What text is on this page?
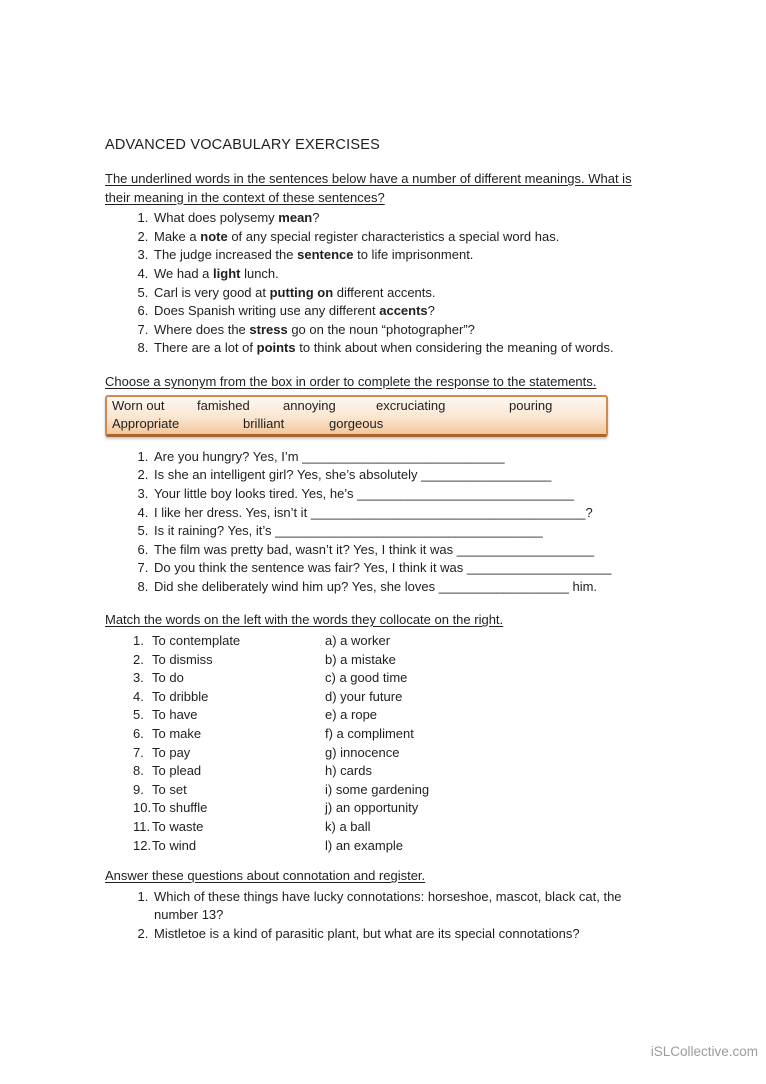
ADVANCED VOCABULARY EXERCISES

The underlined words in the sentences below have a number of different meanings. What is their meaning in the context of these sentences?

1. What does polysemy mean?
2. Make a note of any special register characteristics a special word has.
3. The judge increased the sentence to life imprisonment.
4. We had a light lunch.
5. Carl is very good at putting on different accents.
6. Does Spanish writing use any different accents?
7. Where does the stress go on the noun “photographer”?
8. There are a lot of points to think about when considering the meaning of words.

Choose a synonym from the box in order to complete the response to the statements.

Worn out	famished	annoying	excruciating	pouring
Appropriate	brilliant	gorgeous
1. Are you hungry? Yes, I’m ____________________________
2. Is she an intelligent girl? Yes, she’s absolutely __________________
3. Your little boy looks tired. Yes, he’s ______________________________
4. I like her dress. Yes, isn’t it ______________________________________?
5. Is it raining? Yes, it’s _____________________________________
6. The film was pretty bad, wasn’t it? Yes, I think it was ___________________
7. Do you think the sentence was fair? Yes, I think it was ____________________
8. Did she deliberately wind him up? Yes, she loves __________________ him.

Match the words on the left with the words they collocate on the right.

1. To contemplate	a) a worker
2. To dismiss	b) a mistake
3. To do	c) a good time
4. To dribble	d) your future
5. To have	e) a rope
6. To make	f) a compliment
7. To pay	g) innocence
8. To plead	h) cards
9. To set	i) some gardening
10. To shuffle	j) an opportunity
11. To waste	k) a ball
12. To wind	l) an example

Answer these questions about connotation and register.

1. Which of these things have lucky connotations: horseshoe, mascot, black cat, the number 13?
2. Mistletoe is a kind of parasitic plant, but what are its special connotations?
iSLCollective.com
